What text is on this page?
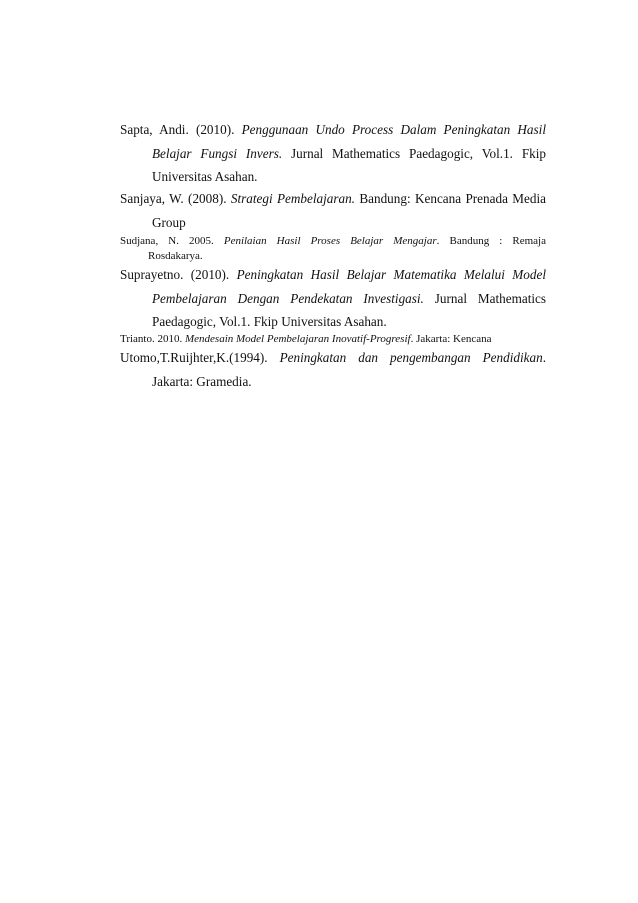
Sapta, Andi. (2010). Penggunaan Undo Process Dalam Peningkatan Hasil
Belajar Fungsi Invers. Jurnal Mathematics Paedagogic, Vol.1. Fkip
Universitas Asahan.

Sanjaya, W. (2008). Strategi Pembelajaran. Bandung: Kencana Prenada Media
Group

Sudjana, N. 2005. Penilaian Hasil Proses Belajar Mengajar. Bandung : Remaja
Rosdakarya.

Suprayetno. (2010). Peningkatan Hasil Belajar Matematika Melalui Model
Pembelajaran Dengan Pendekatan Investigasi. Jurnal Mathematics
Paedagogic, Vol.1. Fkip Universitas Asahan.

Trianto. 2010. Mendesain Model Pembelajaran Inovatif-Progresif. Jakarta: Kencana

Utomo,T.Ruijhter,K.(1994). Peningkatan dan pengembangan Pendidikan.
Jakarta: Gramedia.
